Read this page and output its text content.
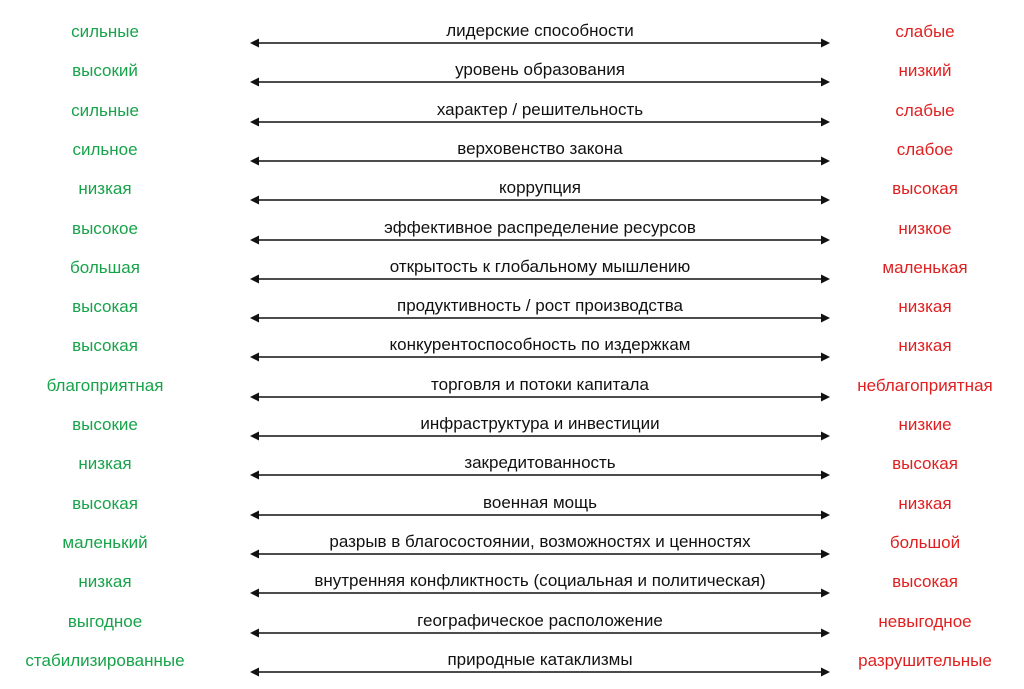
сильные	лидерские способности	слабые
высокий	уровень образования	низкий
сильные	характер / решительность	слабые
сильное	верховенство закона	слабое
низкая	коррупция	высокая
высокое	эффективное распределение ресурсов	низкое
большая	открытость к глобальному мышлению	маленькая
высокая	продуктивность / рост производства	низкая
высокая	конкурентоспособность по издержкам	низкая
благоприятная	торговля и потоки капитала	неблагоприятная
высокие	инфраструктура и инвестиции	низкие
низкая	закредитованность	высокая
высокая	военная мощь	низкая
маленький	разрыв в благосостоянии, возможностях и ценностях	большой
низкая	внутренняя конфликтность (социальная и политическая)	высокая
выгодное	географическое расположение	невыгодное
стабилизированные	природные катаклизмы	разрушительные
